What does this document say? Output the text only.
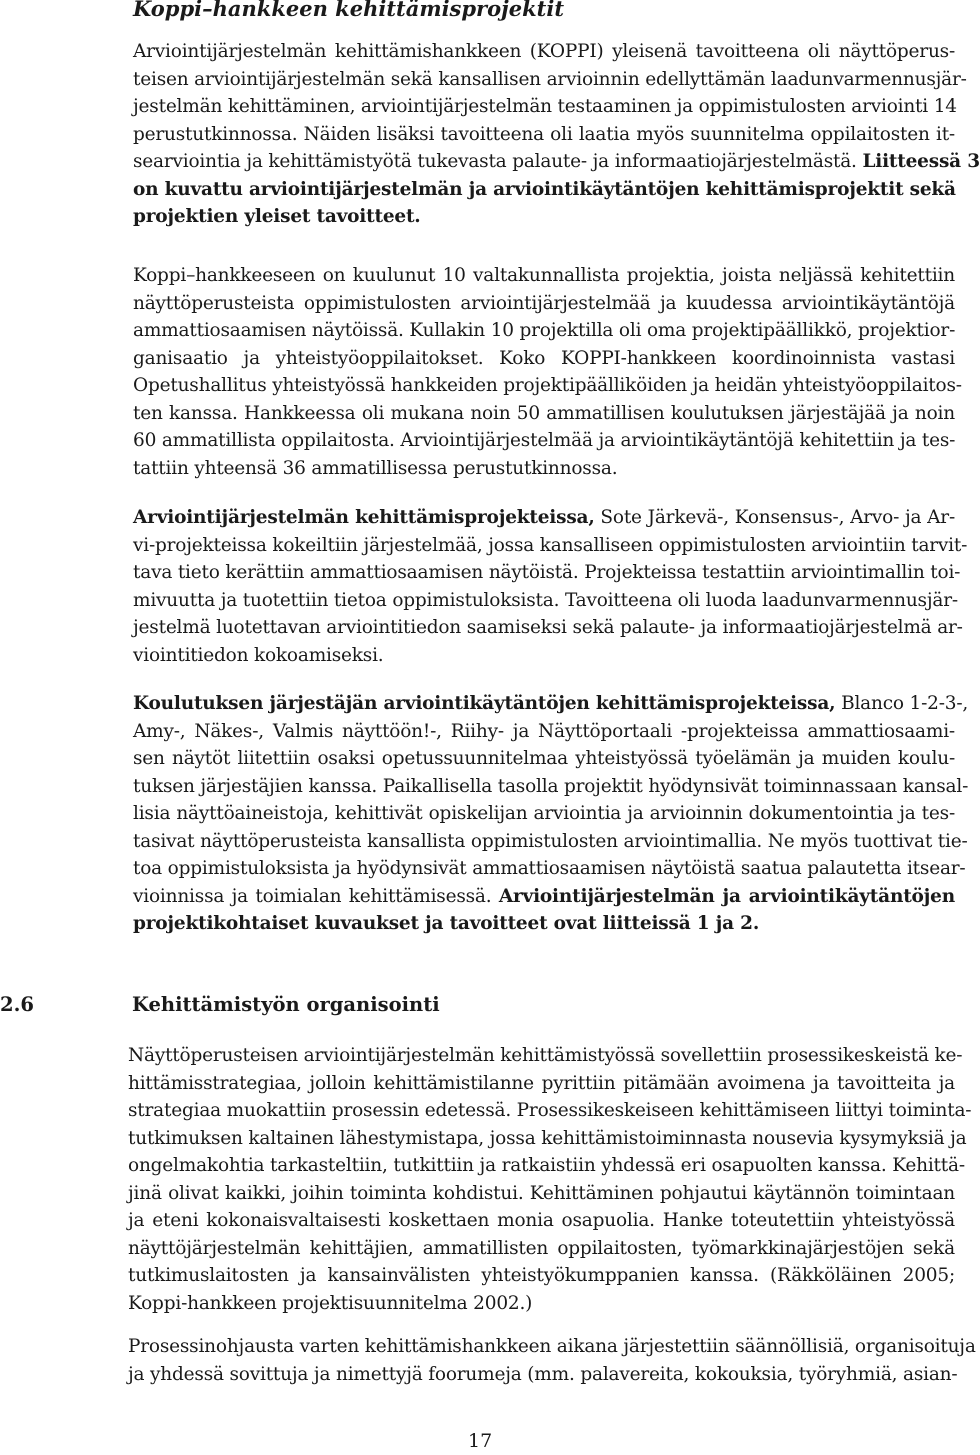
Koppi–hankkeen kehittämisprojektit
Arviointijärjestelmän kehittämishankkeen (KOPPI) yleisenä tavoitteena oli näyttöperus-
teisen arviointijärjestelmän sekä kansallisen arvioinnin edellyttämän laadunvarmennusjär-
jestelmän kehittäminen, arviointijärjestelmän testaaminen ja oppimistulosten arviointi 14
perustutkinnossa. Näiden lisäksi tavoitteena oli laatia myös suunnitelma oppilaitosten it-
searviointia ja kehittämistyötä tukevasta palaute- ja informaatiojärjestelmästä. Liitteessä 3
on kuvattu arviointijärjestelmän ja arviointikäytäntöjen kehittämisprojektit sekä
projektien yleiset tavoitteet.
Koppi–hankkeeseen on kuulunut 10 valtakunnallista projektia, joista neljässä kehitettiin
näyttöperusteista oppimistulosten arviointijärjestelmää ja kuudessa arviointikäytäntöjä
ammattiosaamisen näytöissä. Kullakin 10 projektilla oli oma projektipäällikkö, projektior-
ganisaatio ja yhteistyöoppilaitokset. Koko KOPPI-hankkeen koordinoinnista vastasi
Opetushallitus yhteistyössä hankkeiden projektipäälliköiden ja heidän yhteistyöoppilaitos-
ten kanssa. Hankkeessa oli mukana noin 50 ammatillisen koulutuksen järjestäjää ja noin
60 ammatillista oppilaitosta. Arviointijärjestelmää ja arviointikäytäntöjä kehitettiin ja tes-
tattiin yhteensä 36 ammatillisessa perustutkinnossa.
Arviointijärjestelmän kehittämisprojekteissa, Sote Järkevä-, Konsensus-, Arvo- ja Ar-
vi-projekteissa kokeiltiin järjestelmää, jossa kansalliseen oppimistulosten arviointiin tarvit-
tava tieto kerättiin ammattiosaamisen näytöistä. Projekteissa testattiin arviointimallin toi-
mivuutta ja tuotettiin tietoa oppimistuloksista. Tavoitteena oli luoda laadunvarmennusjär-
jestelmä luotettavan arviointitiedon saamiseksi sekä palaute- ja informaatiojärjestelmä ar-
viointitiedon kokoamiseksi.
Koulutuksen järjestäjän arviointikäytäntöjen kehittämisprojekteissa, Blanco 1-2-3-,
Amy-, Näkes-, Valmis näyttöön!-, Riihy- ja Näyttöportaali -projekteissa ammattiosaami-
sen näytöt liitettiin osaksi opetussuunnitelmaa yhteistyössä työelämän ja muiden koulu-
tuksen järjestäjien kanssa. Paikallisella tasolla projektit hyödynsivät toiminnassaan kansal-
lisia näyttöaineistoja, kehittivät opiskelijan arviointia ja arvioinnin dokumentointia ja tes-
tasivat näyttöperusteista kansallista oppimistulosten arviointimallia. Ne myös tuottivat tie-
toa oppimistuloksista ja hyödynsivät ammattiosaamisen näytöistä saatua palautetta itsear-
vioinnissa ja toimialan kehittämisessä. Arviointijärjestelmän ja arviointikäytäntöjen
projektikohtaiset kuvaukset ja tavoitteet ovat liitteissä 1 ja 2.
2.6	Kehittämistyön organisointi
Näyttöperusteisen arviointijärjestelmän kehittämistyössä sovellettiin prosessikeskeistä ke-
hittämisstrategiaa, jolloin kehittämistilanne pyrittiin pitämään avoimena ja tavoitteita ja
strategiaa muokattiin prosessin edetessä. Prosessikeskeiseen kehittämiseen liittyi toiminta-
tutkimuksen kaltainen lähestymistapa, jossa kehittämistoiminnasta nousevia kysymyksiä ja
ongelmakohtia tarkasteltiin, tutkittiin ja ratkaistiin yhdessä eri osapuolten kanssa. Kehittä-
jinä olivat kaikki, joihin toiminta kohdistui. Kehittäminen pohjautui käytännön toimintaan
ja eteni kokonaisvaltaisesti koskettaen monia osapuolia. Hanke toteutettiin yhteistyössä
näyttöjärjestelmän kehittäjien, ammatillisten oppilaitosten, työmarkkinajärjestöjen sekä
tutkimuslaitosten ja kansainvälisten yhteistyökumppanien kanssa. (Räkköläinen 2005;
Koppi-hankkeen projektisuunnitelma 2002.)
Prosessinohjausta varten kehittämishankkeen aikana järjestettiin säännöllisiä, organisoituja
ja yhdessä sovittuja ja nimettyjä foorumeja (mm. palavereita, kokouksia, työryhmiä, asian-
17
